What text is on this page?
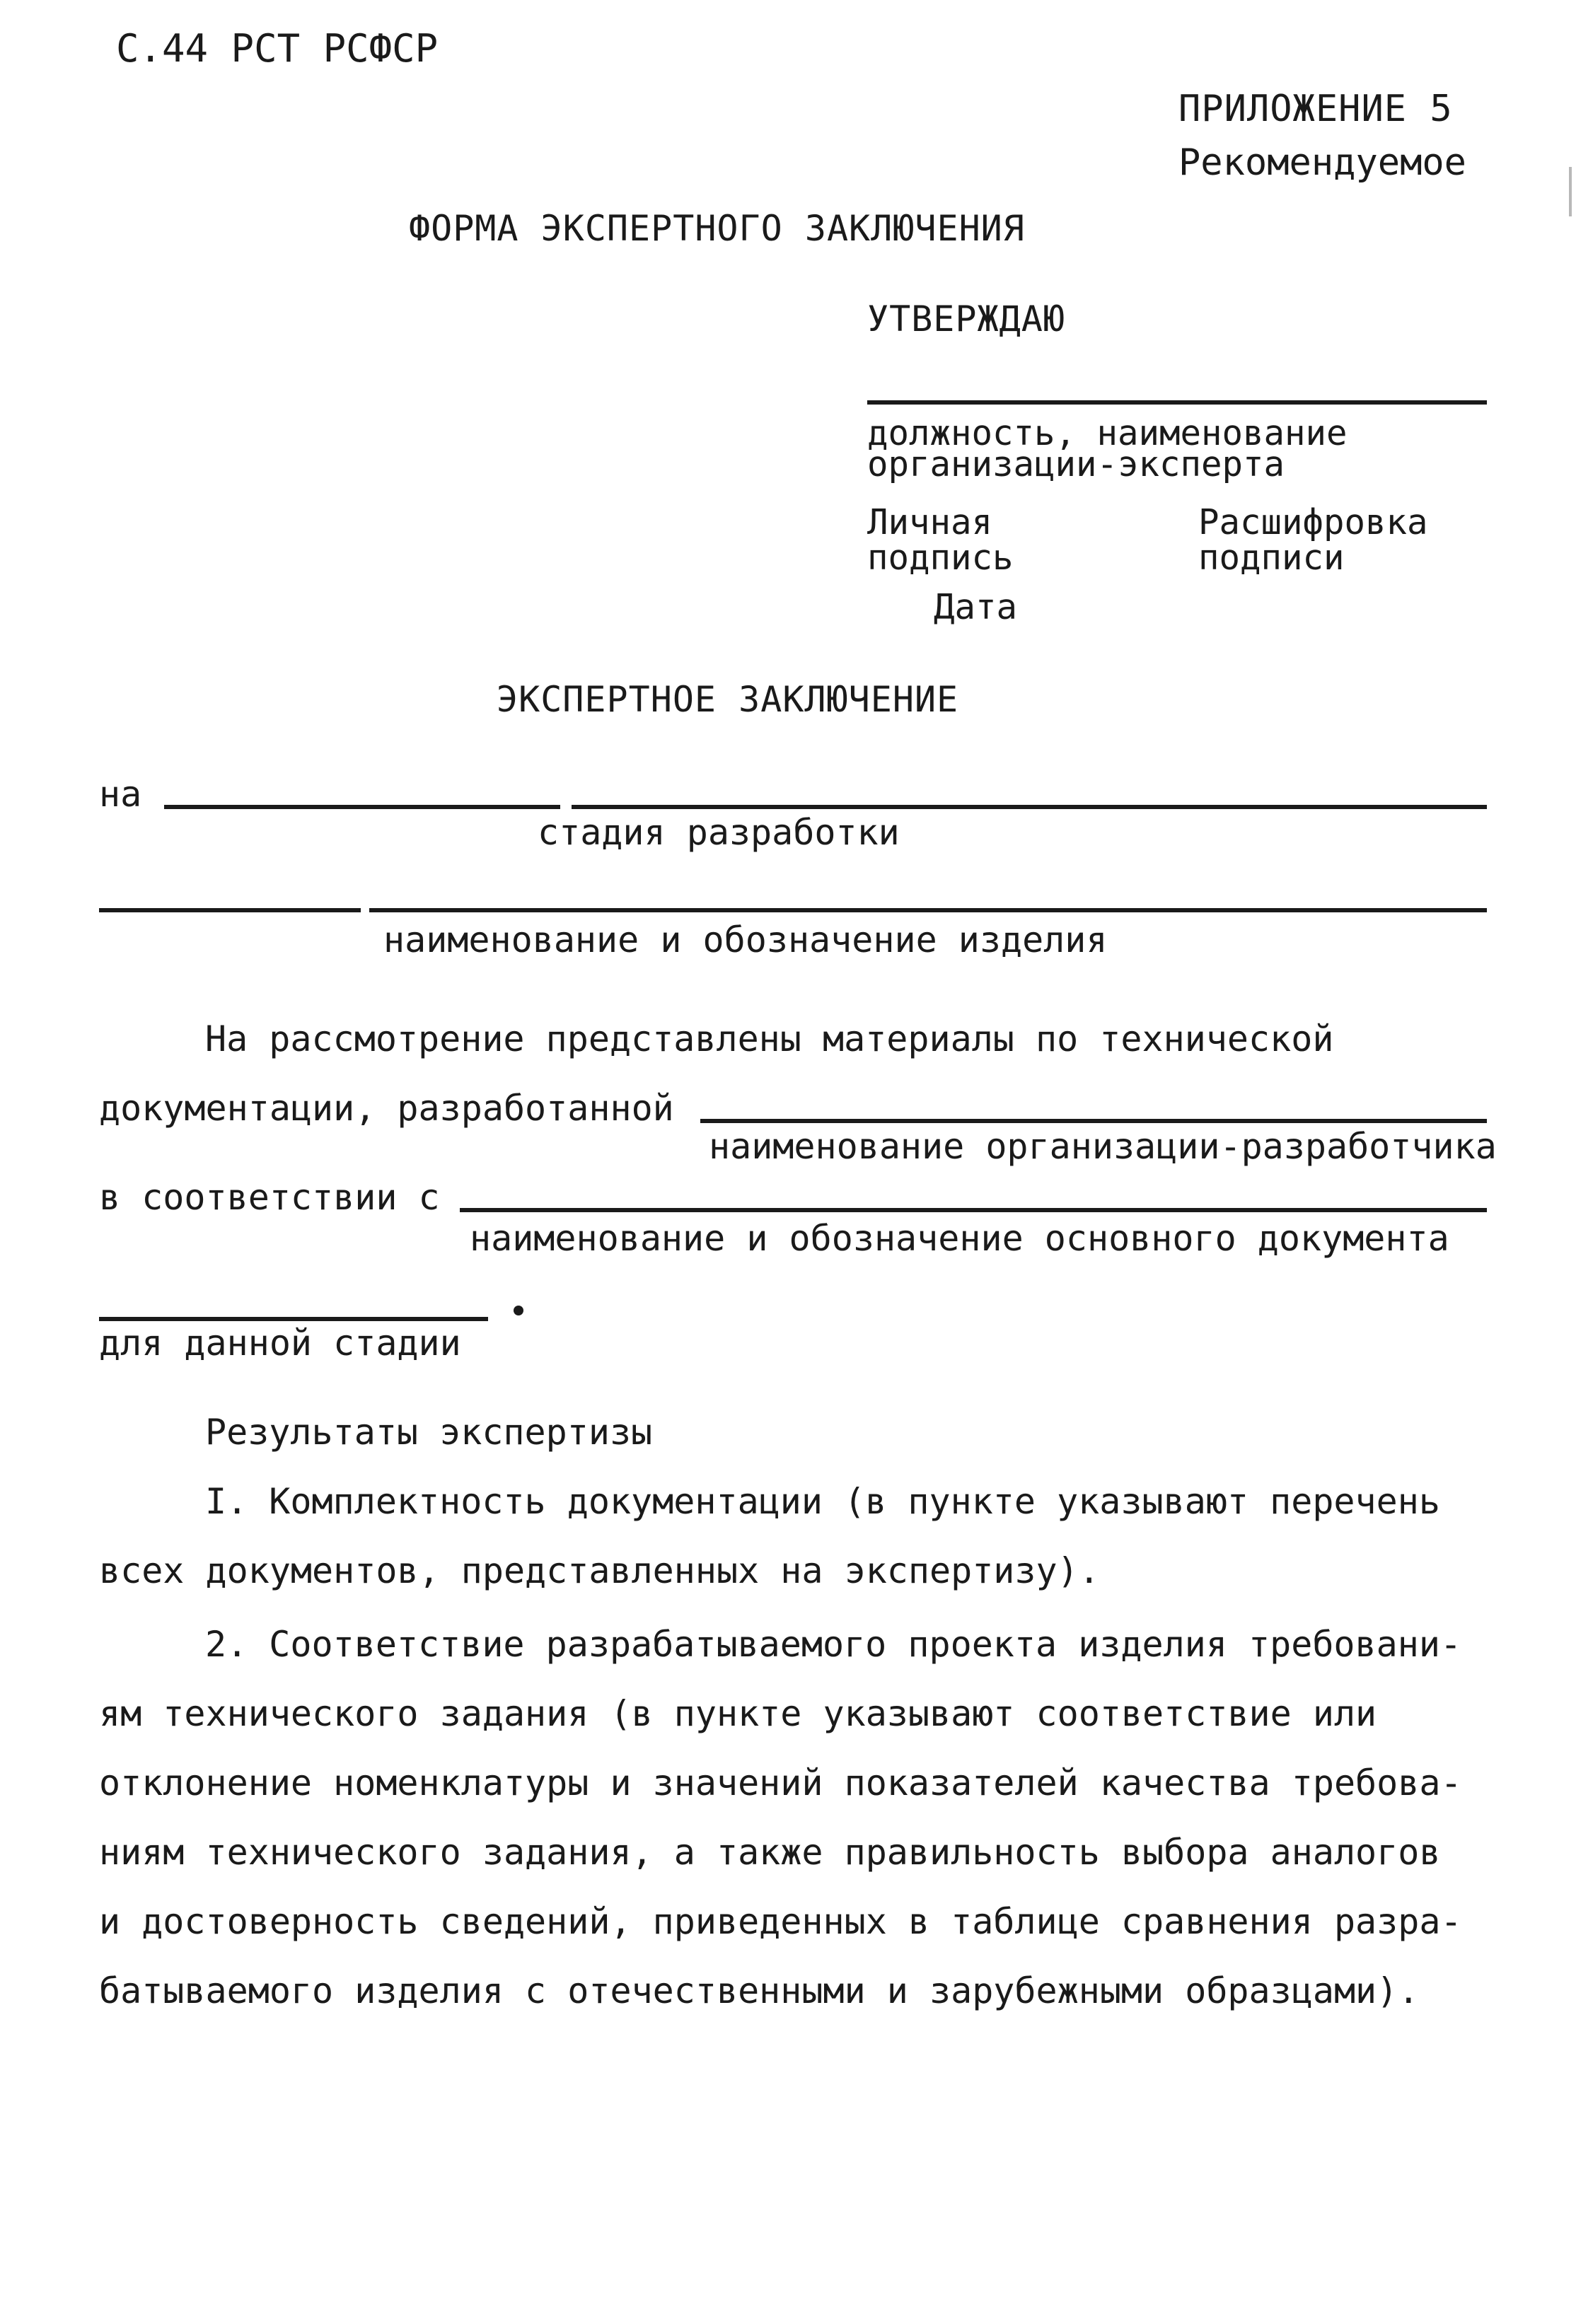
С.44 РСТ РСФСР
ПРИЛОЖЕНИЕ 5
Рекомендуемое
ФОРМА ЭКСПЕРТНОГО ЗАКЛЮЧЕНИЯ
УТВЕРЖДАЮ
должность, наименование
организации-эксперта
Личная
подпись
Расшифровка
подписи
Дата
ЭКСПЕРТНОЕ ЗАКЛЮЧЕНИЕ
на
стадия разработки
наименование и обозначение изделия
На рассмотрение представлены материалы по технической
документации, разработанной
наименование организации-разработчика
в соответствии с
наименование и обозначение основного документа
для данной стадии
Результаты экспертизы
I. Комплектность документации (в пункте указывают перечень
всех документов, представленных на экспертизу).
2. Соответствие разрабатываемого проекта изделия требовани-
ям технического задания (в пункте указывают соответствие или
отклонение номенклатуры и значений показателей качества требова-
ниям технического задания, а также правильность выбора аналогов
и достоверность сведений, приведенных в таблице сравнения разра-
батываемого изделия с отечественными и зарубежными образцами).
